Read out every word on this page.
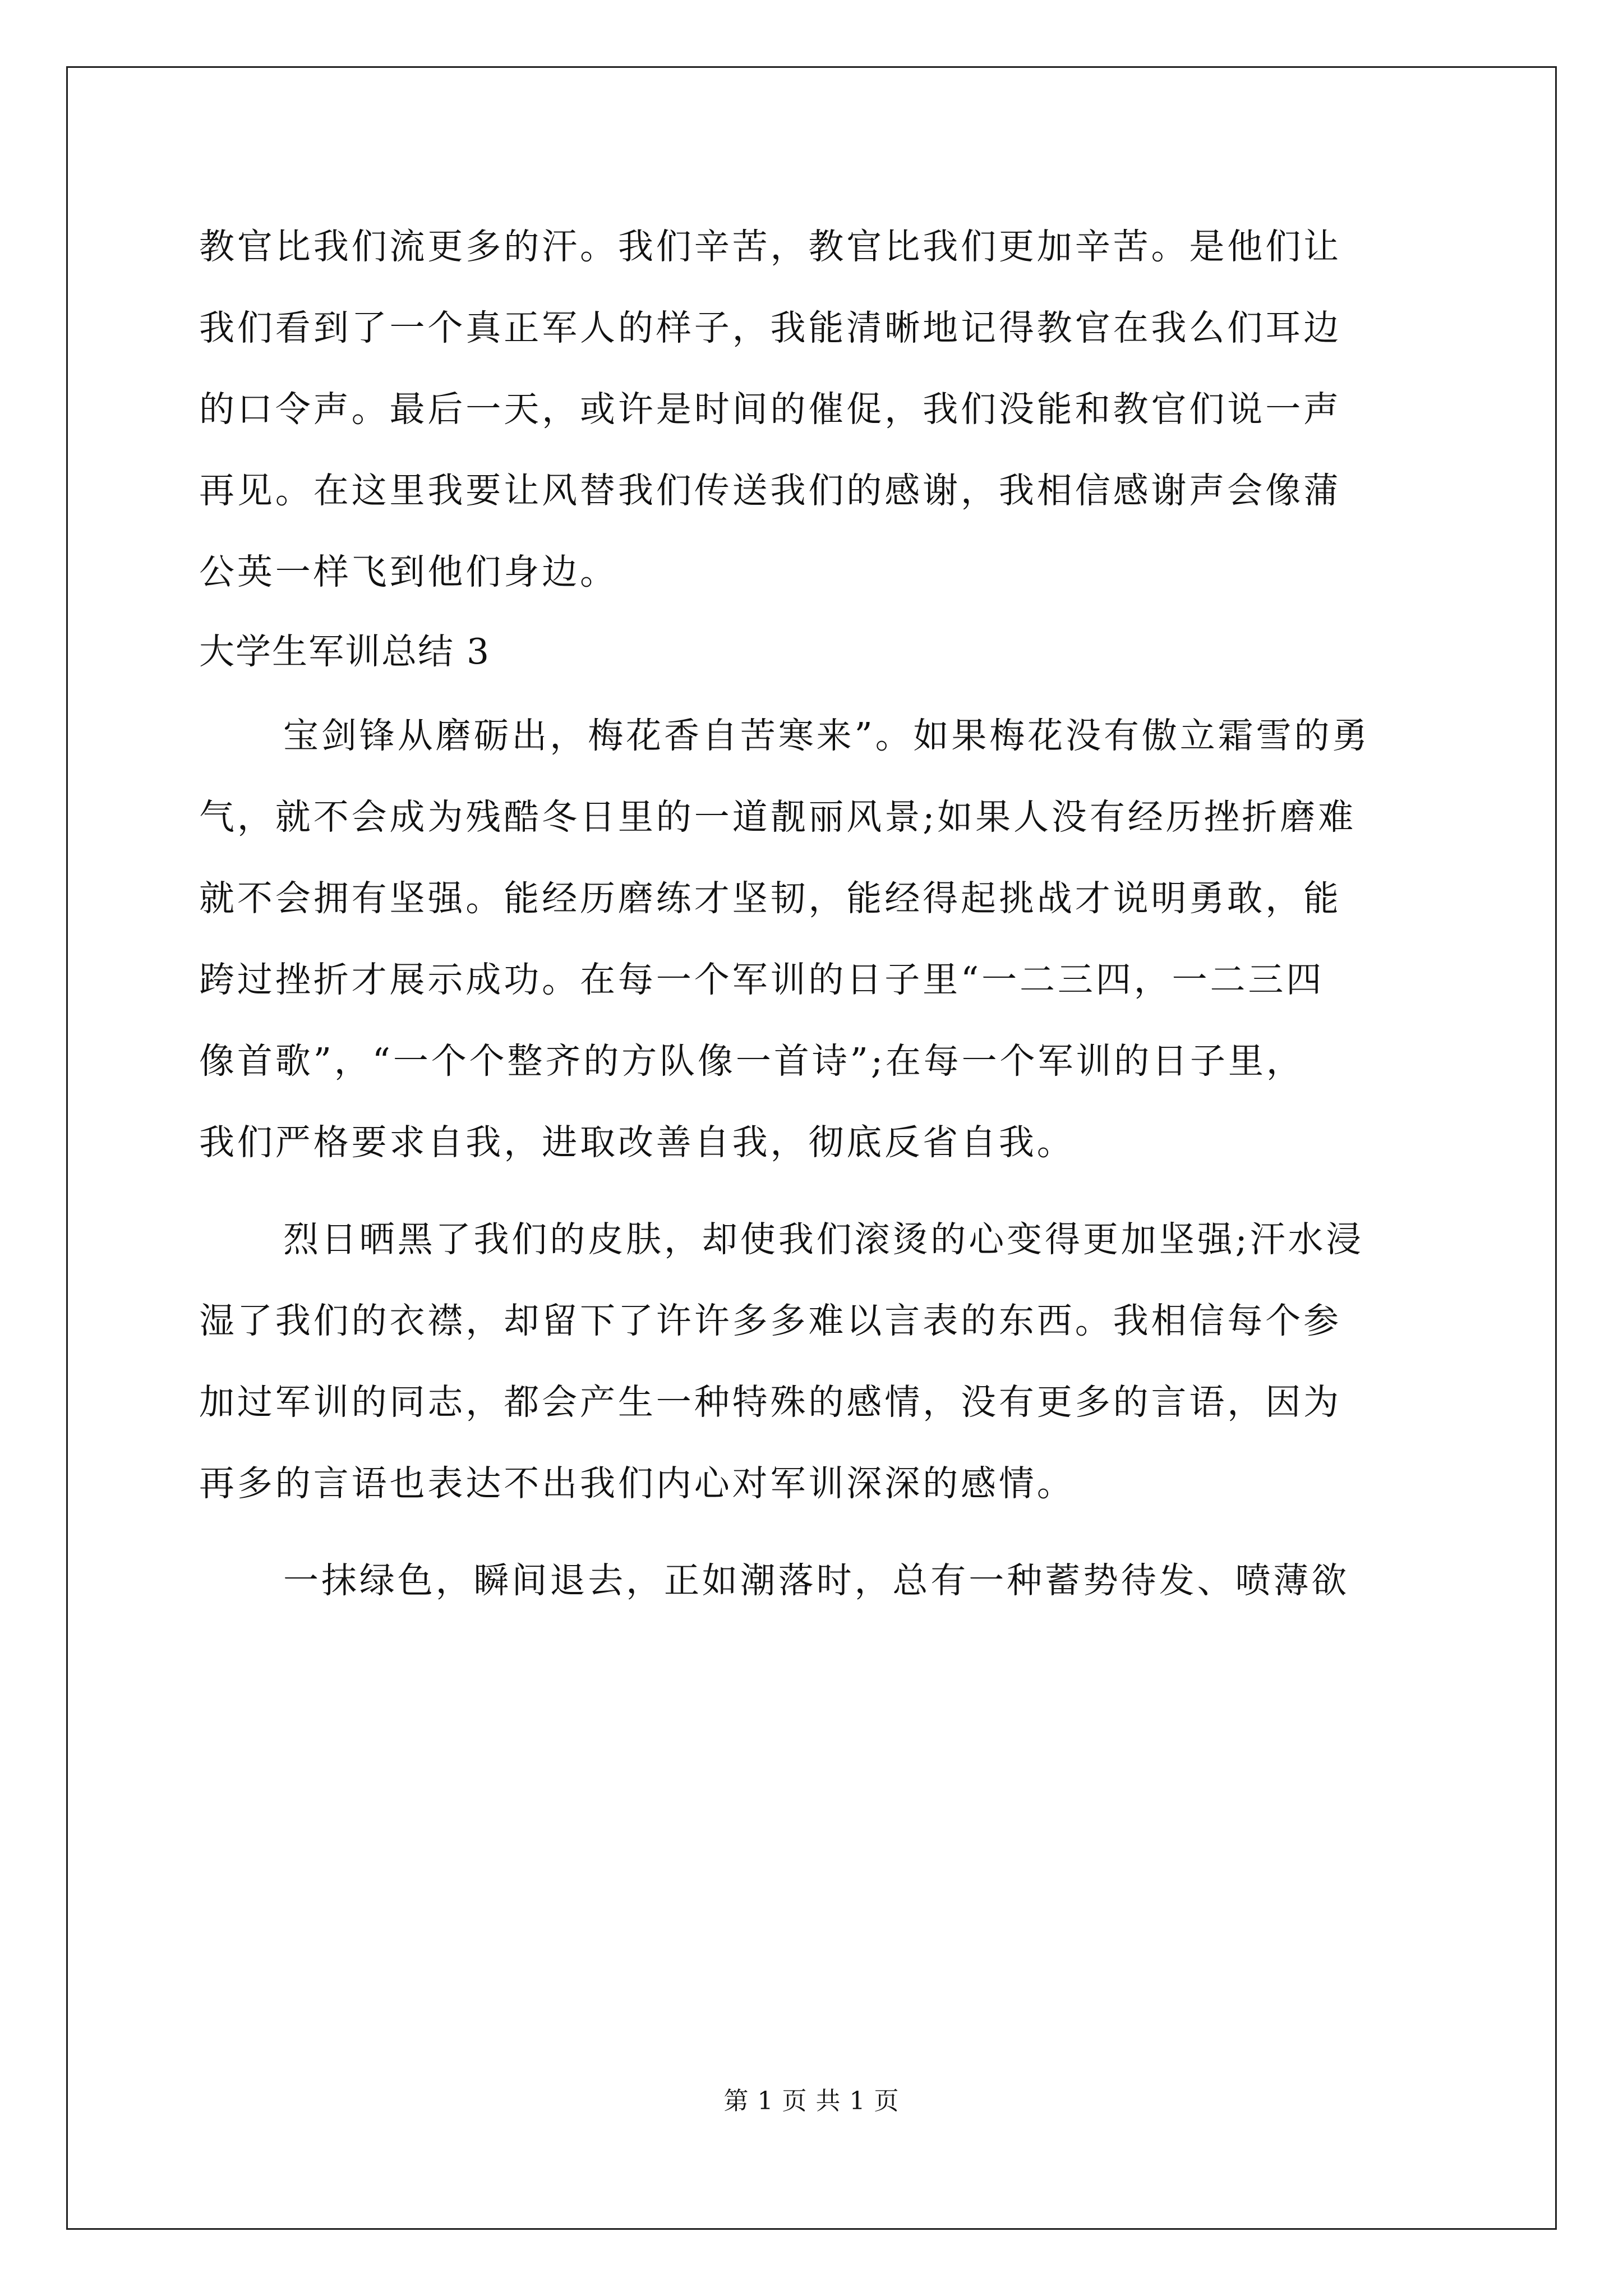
教官比我们流更多的汗。我们辛苦，教官比我们更加辛苦。是他们让

我们看到了一个真正军人的样子，我能清晰地记得教官在我么们耳边

的口令声。最后一天，或许是时间的催促，我们没能和教官们说一声

再见。在这里我要让风替我们传送我们的感谢，我相信感谢声会像蒲

公英一样飞到他们身边。

大学生军训总结 3

宝剑锋从磨砺出，梅花香自苦寒来”。如果梅花没有傲立霜雪的勇

气，就不会成为残酷冬日里的一道靓丽风景;如果人没有经历挫折磨难

就不会拥有坚强。能经历磨练才坚韧，能经得起挑战才说明勇敢，能

跨过挫折才展示成功。在每一个军训的日子里“一二三四，一二三四

像首歌”，“一个个整齐的方队像一首诗”;在每一个军训的日子里，

我们严格要求自我，进取改善自我，彻底反省自我。

烈日晒黑了我们的皮肤，却使我们滚烫的心变得更加坚强;汗水浸

湿了我们的衣襟，却留下了许许多多难以言表的东西。我相信每个参

加过军训的同志，都会产生一种特殊的感情，没有更多的言语，因为

再多的言语也表达不出我们内心对军训深深的感情。

一抹绿色，瞬间退去，正如潮落时，总有一种蓄势待发、喷薄欲

第 1 页 共 1 页
